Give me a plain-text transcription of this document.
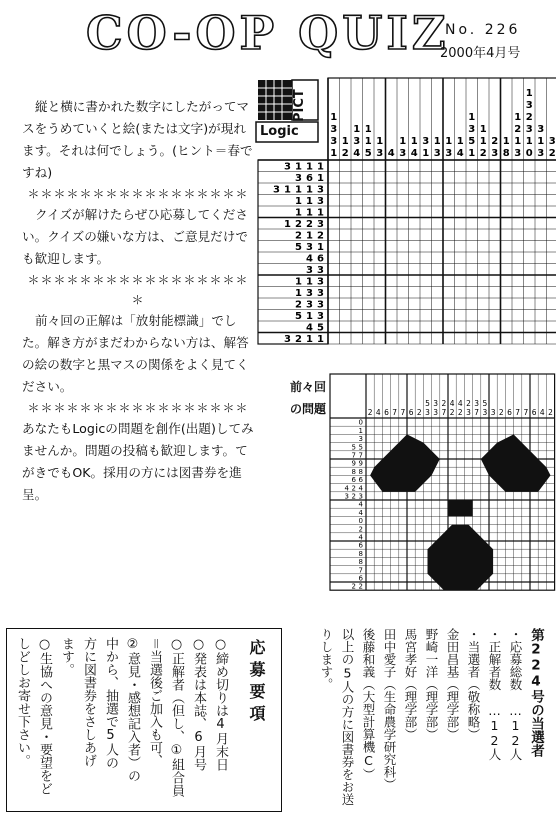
CO-OP QUIZ
No. 226
2000年4月号

縦と横に書かれた数字にしたがってマスをうめていくと絵(または文字)が現れます。それは何でしょう。(ヒント＝春ですね)

＊＊＊＊＊＊＊＊＊＊＊＊＊＊＊＊＊

クイズが解けたらぜひ応募してください。クイズの嫌いな方は、ご意見だけでも歓迎します。

＊＊＊＊＊＊＊＊＊＊＊＊＊＊＊＊＊＊

前々回の正解は「放射能標識」でした。解き方がまだわからない方は、解答の絵の数字と黒マスの関係をよく見てください。

＊＊＊＊＊＊＊＊＊＊＊＊＊＊＊＊＊

あなたもLogicの問題を創作(出題)してみませんか。問題の投稿も歓迎します。てがきでもOK。採用の方には図書券を進呈。

PICT
Logic
1
3
3
1
1
2
1
3
4
1
1
5
1
3 4
1
3
1
4
3
1
1
3
1
3
1
4
1
3
5
1
1
1
2
2
3
1
8
1
2
1
3
1
3
2
3
1
0
3
1
3
3
2
3 1 1 1
3 6 1
3 1 1 1 3
1 1 3
1 1 1
1 2 2 3
2 1 2
5 3 1
4 6
3 3
1 1 3
1 3 3
2 3 3
5 1 3
4 5
3 2 1 1
前々回
の問題	5 3 2 4 4 2 3 5
2 4 6 7 7 6 2 3 3 7 2 2 3 7 3 3 2 6 7 7 6 4 2
0
1
3
5 5
7 7
9 9
8 8
6 6
4 2 4
3 2 3
4
4
0
2
4
6
8
8
7
6
2 2
応募要項
○締め切りは4月末日
○発表は本誌、6月号
○正解者（但し、①組合員
＝当選後ご加入も可、
②意見・感想記入者）の
中から、抽選で5人の
方に図書券をさしあげ
ます。
○生協への意見・要望をど
しどしお寄せ下さい。	第224号の当選者
・応募総数　…12人
・正解者数　…12人
・当選者（敬称略）
金田昌基（理学部）
野崎一洋（理学部）
馬宮孝好（理学部）
田中愛子（生命農学研究科）
後藤和義（大型計算機C）
以上の5人の方に図書券をお送
りします。
